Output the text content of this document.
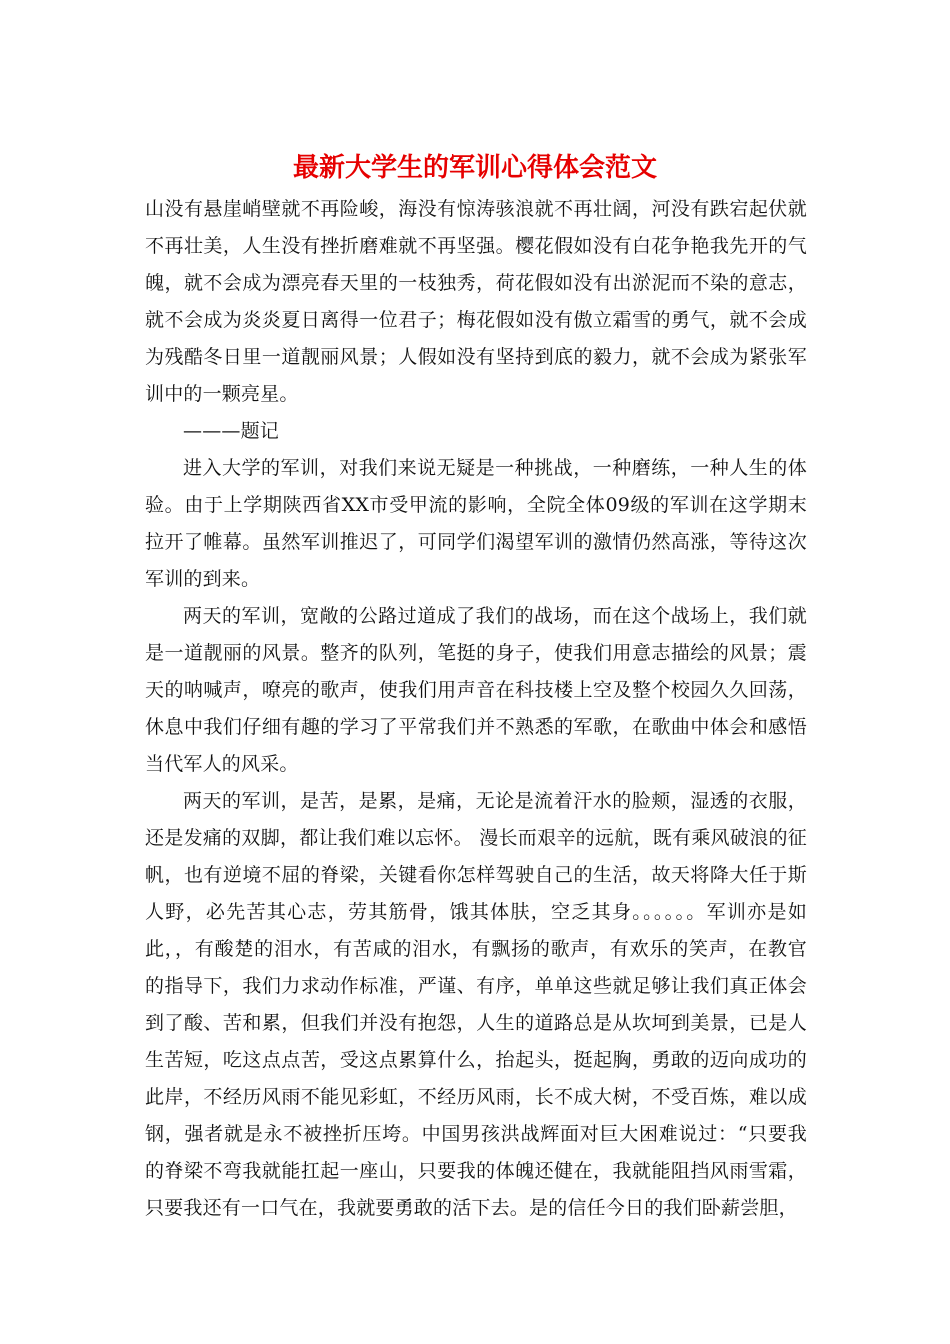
最新大学生的军训心得体会范文

山没有悬崖峭壁就不再险峻，海没有惊涛骇浪就不再壮阔，河没有跌宕起伏就不再壮美，人生没有挫折磨难就不再坚强。樱花假如没有白花争艳我先开的气魄，就不会成为漂亮春天里的一枝独秀，荷花假如没有出淤泥而不染的意志，就不会成为炎炎夏日离得一位君子；梅花假如没有傲立霜雪的勇气，就不会成为残酷冬日里一道靓丽风景；人假如没有坚持到底的毅力，就不会成为紧张军训中的一颗亮星。

———题记

进入大学的军训，对我们来说无疑是一种挑战，一种磨练，一种人生的体验。由于上学期陕西省XX市受甲流的影响，全院全体09级的军训在这学期末拉开了帷幕。虽然军训推迟了，可同学们渴望军训的激情仍然高涨，等待这次军训的到来。

两天的军训，宽敞的公路过道成了我们的战场，而在这个战场上，我们就是一道靓丽的风景。整齐的队列，笔挺的身子，使我们用意志描绘的风景；震天的呐喊声，嘹亮的歌声，使我们用声音在科技楼上空及整个校园久久回荡，休息中我们仔细有趣的学习了平常我们并不熟悉的军歌，在歌曲中体会和感悟当代军人的风采。

两天的军训，是苦，是累，是痛，无论是流着汗水的脸颊，湿透的衣服，还是发痛的双脚，都让我们难以忘怀。 漫长而艰辛的远航，既有乘风破浪的征帆，也有逆境不屈的脊梁，关键看你怎样驾驶自己的生活，故天将降大任于斯人野，必先苦其心志，劳其筋骨，饿其体肤，空乏其身。。。。。。军训亦是如此，，有酸楚的泪水，有苦咸的泪水，有飘扬的歌声，有欢乐的笑声，在教官的指导下，我们力求动作标准，严谨、有序，单单这些就足够让我们真正体会到了酸、苦和累，但我们并没有抱怨，人生的道路总是从坎坷到美景，已是人生苦短，吃这点点苦，受这点累算什么，抬起头，挺起胸，勇敢的迈向成功的此岸，不经历风雨不能见彩虹，不经历风雨，长不成大树，不受百炼，难以成钢，强者就是永不被挫折压垮。中国男孩洪战辉面对巨大困难说过：“只要我的脊梁不弯我就能扛起一座山，只要我的体魄还健在，我就能阻挡风雨雪霜，只要我还有一口气在，我就要勇敢的活下去。是的信任今日的我们卧薪尝胆，
